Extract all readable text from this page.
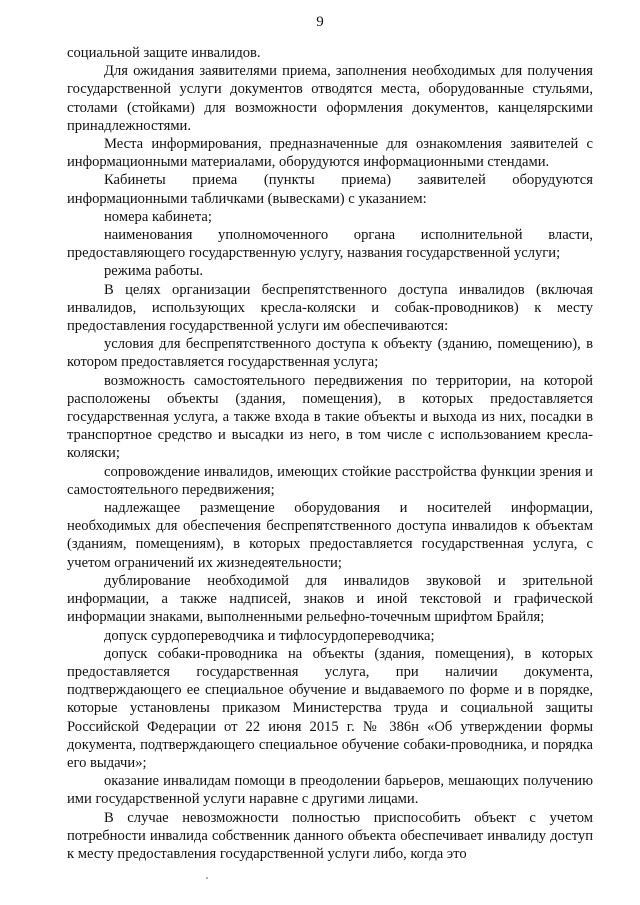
9

социальной защите инвалидов.

Для ожидания заявителями приема, заполнения необходимых для получения государственной услуги документов отводятся места, оборудованные стульями, столами (стойками) для возможности оформления документов, канцелярскими принадлежностями.

Места информирования, предназначенные для ознакомления заявителей с информационными материалами, оборудуются информационными стендами.

Кабинеты приема (пункты приема) заявителей оборудуются информационными табличками (вывесками) с указанием:

номера кабинета;

наименования уполномоченного органа исполнительной власти, предоставляющего государственную услугу, названия государственной услуги;

режима работы.

В целях организации беспрепятственного доступа инвалидов (включая инвалидов, использующих кресла-коляски и собак-проводников) к месту предоставления государственной услуги им обеспечиваются:

условия для беспрепятственного доступа к объекту (зданию, помещению), в котором предоставляется государственная услуга;

возможность самостоятельного передвижения по территории, на которой расположены объекты (здания, помещения), в которых предоставляется государственная услуга, а также входа в такие объекты и выхода из них, посадки в транспортное средство и высадки из него, в том числе с использованием кресла-коляски;

сопровождение инвалидов, имеющих стойкие расстройства функции зрения и самостоятельного передвижения;

надлежащее размещение оборудования и носителей информации, необходимых для обеспечения беспрепятственного доступа инвалидов к объектам (зданиям, помещениям), в которых предоставляется государственная услуга, с учетом ограничений их жизнедеятельности;

дублирование необходимой для инвалидов звуковой и зрительной информации, а также надписей, знаков и иной текстовой и графической информации знаками, выполненными рельефно-точечным шрифтом Брайля;

допуск сурдопереводчика и тифлосурдопереводчика;

допуск собаки-проводника на объекты (здания, помещения), в которых предоставляется государственная услуга, при наличии документа, подтверждающего ее специальное обучение и выдаваемого по форме и в порядке, которые установлены приказом Министерства труда и социальной защиты Российской Федерации от 22 июня 2015 г. № 386н «Об утверждении формы документа, подтверждающего специальное обучение собаки-проводника, и порядка его выдачи»;

оказание инвалидам помощи в преодолении барьеров, мешающих получению ими государственной услуги наравне с другими лицами.

В случае невозможности полностью приспособить объект с учетом потребности инвалида собственник данного объекта обеспечивает инвалиду доступ к месту предоставления государственной услуги либо, когда это
